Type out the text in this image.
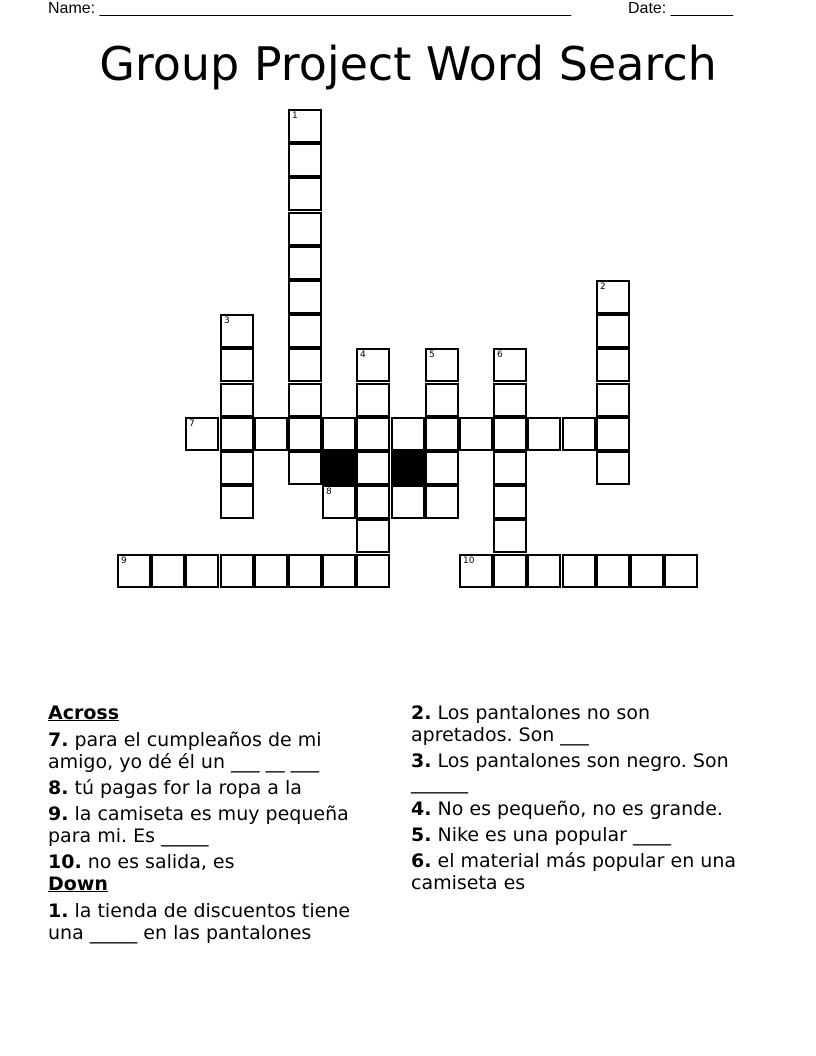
Name: _____________________________________________________	Date: _______
Group Project Word Search
1
2
3
4	5	6
7
8
9	10
Across
7. para el cumpleaños de mi amigo, yo dé él un ___ __ ___
8. tú pagas for la ropa a la
9. la camiseta es muy pequeña para mi. Es _____
10. no es salida, es
Down
1. la tienda de discuentos tiene una _____ en las pantalones
2. Los pantalones no son apretados. Son ___
3. Los pantalones son negro. Son ______
4. No es pequeño, no es grande.
5. Nike es una popular ____
6. el material más popular en una camiseta es
